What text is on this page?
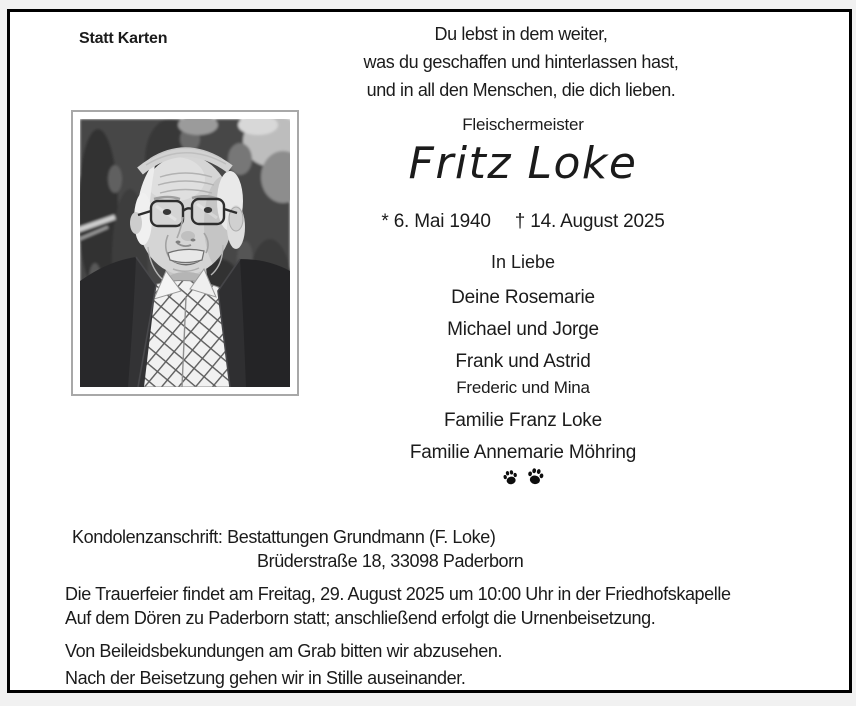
Statt Karten	Du lebst in dem weiter,
was du geschaffen und hinterlassen hast,
und in all den Menschen, die dich lieben.
Fleischermeister
Fritz Loke
* 6. Mai 1940 † 14. August 2025
In Liebe
Deine Rosemarie
Michael und Jorge
Frank und Astrid
Frederic und Mina
Familie Franz Loke
Familie Annemarie Möhring
Kondolenzanschrift: Bestattungen Grundmann (F. Loke)
Brüderstraße 18, 33098 Paderborn
Die Trauerfeier findet am Freitag, 29. August 2025 um 10:00 Uhr in der Friedhofskapelle
Auf dem Dören zu Paderborn statt; anschließend erfolgt die Urnenbeisetzung.
Von Beileidsbekundungen am Grab bitten wir abzusehen.
Nach der Beisetzung gehen wir in Stille auseinander.
